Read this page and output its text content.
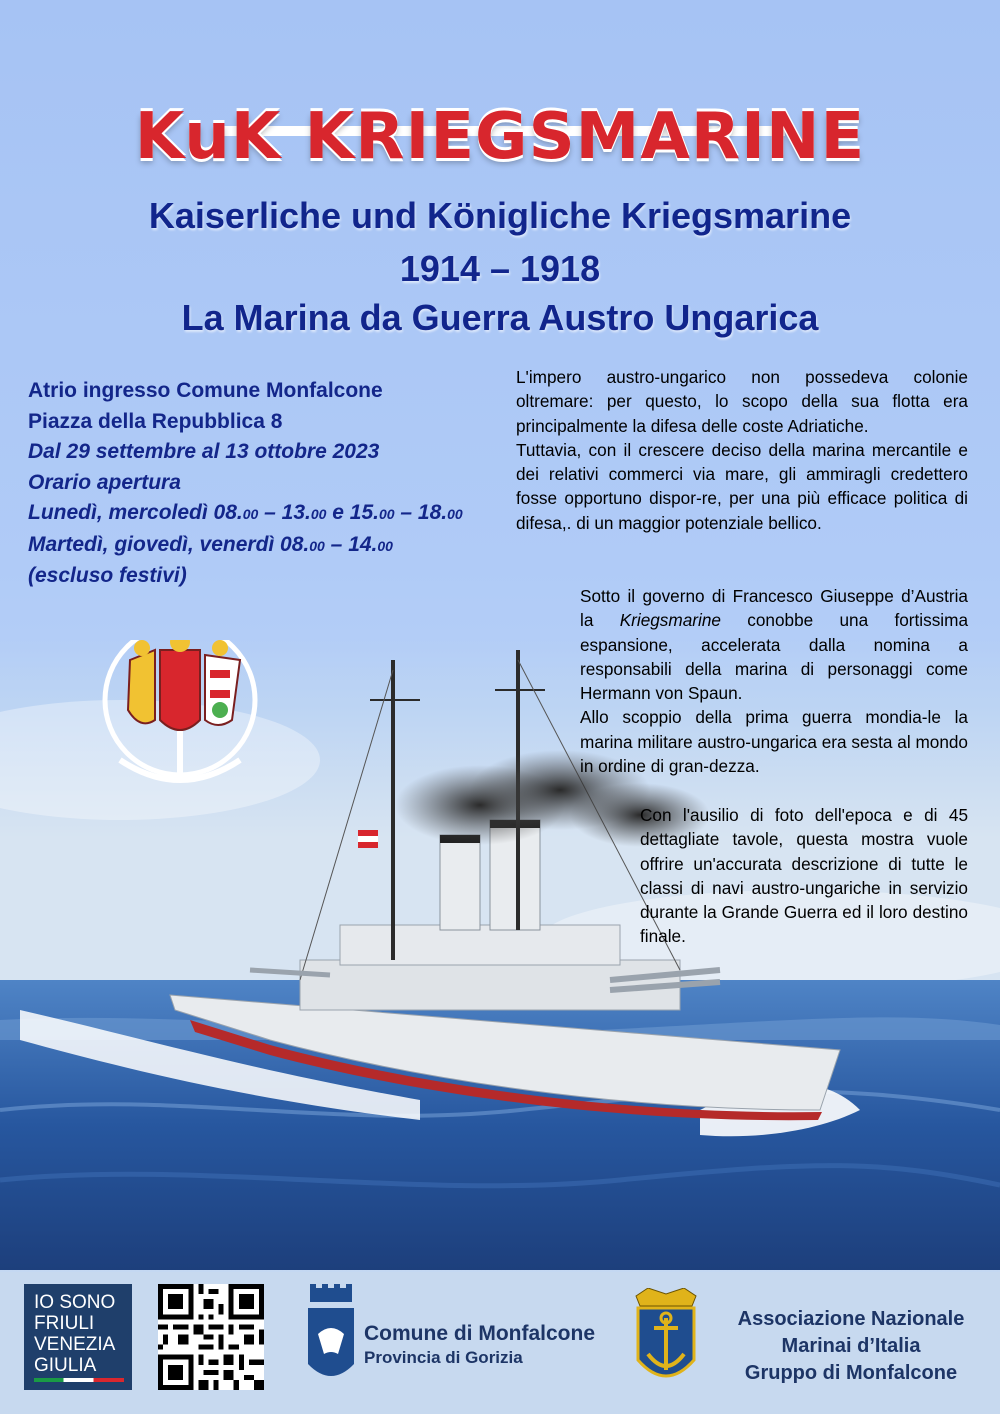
KuK KRIEGSMARINE
Kaiserliche und Königliche Kriegsmarine
1914 – 1918
La Marina da Guerra Austro Ungarica
Atrio ingresso Comune Monfalcone
Piazza della Repubblica 8
Dal 29 settembre al 13 ottobre 2023
Orario apertura
Lunedì, mercoledì 08.00 – 13.00 e 15.00 – 18.00
Martedì, giovedì, venerdì 08.00 – 14.00
(escluso festivi)

L'impero austro-ungarico non possedeva colonie oltremare: per questo, lo scopo della sua flotta era principalmente la difesa delle coste Adriatiche.

Tuttavia, con il crescere deciso della marina mercantile e dei relativi commerci via mare, gli ammiragli credettero fosse opportuno dispor-re, per una più efficace politica di difesa,. di un maggior potenziale bellico.

Sotto il governo di Francesco Giuseppe d’Austria la Kriegsmarine conobbe una fortissima espansione, accelerata dalla nomina a responsabili della marina di personaggi come Hermann von Spaun.

Allo scoppio della prima guerra mondia-le la marina militare austro-ungarica era sesta al mondo in ordine di gran-dezza.

Con l'ausilio di foto dell'epoca e di 45 dettagliate tavole, questa mostra vuole offrire un'accurata descrizione di tutte le classi di navi austro-ungariche in servizio durante la Grande Guerra ed il loro destino finale.

IO SONO
FRIULI
VENEZIA
GIULIA
Comune di Monfalcone
Provincia di Gorizia
Associazione Nazionale
Marinai d’Italia
Gruppo di Monfalcone
